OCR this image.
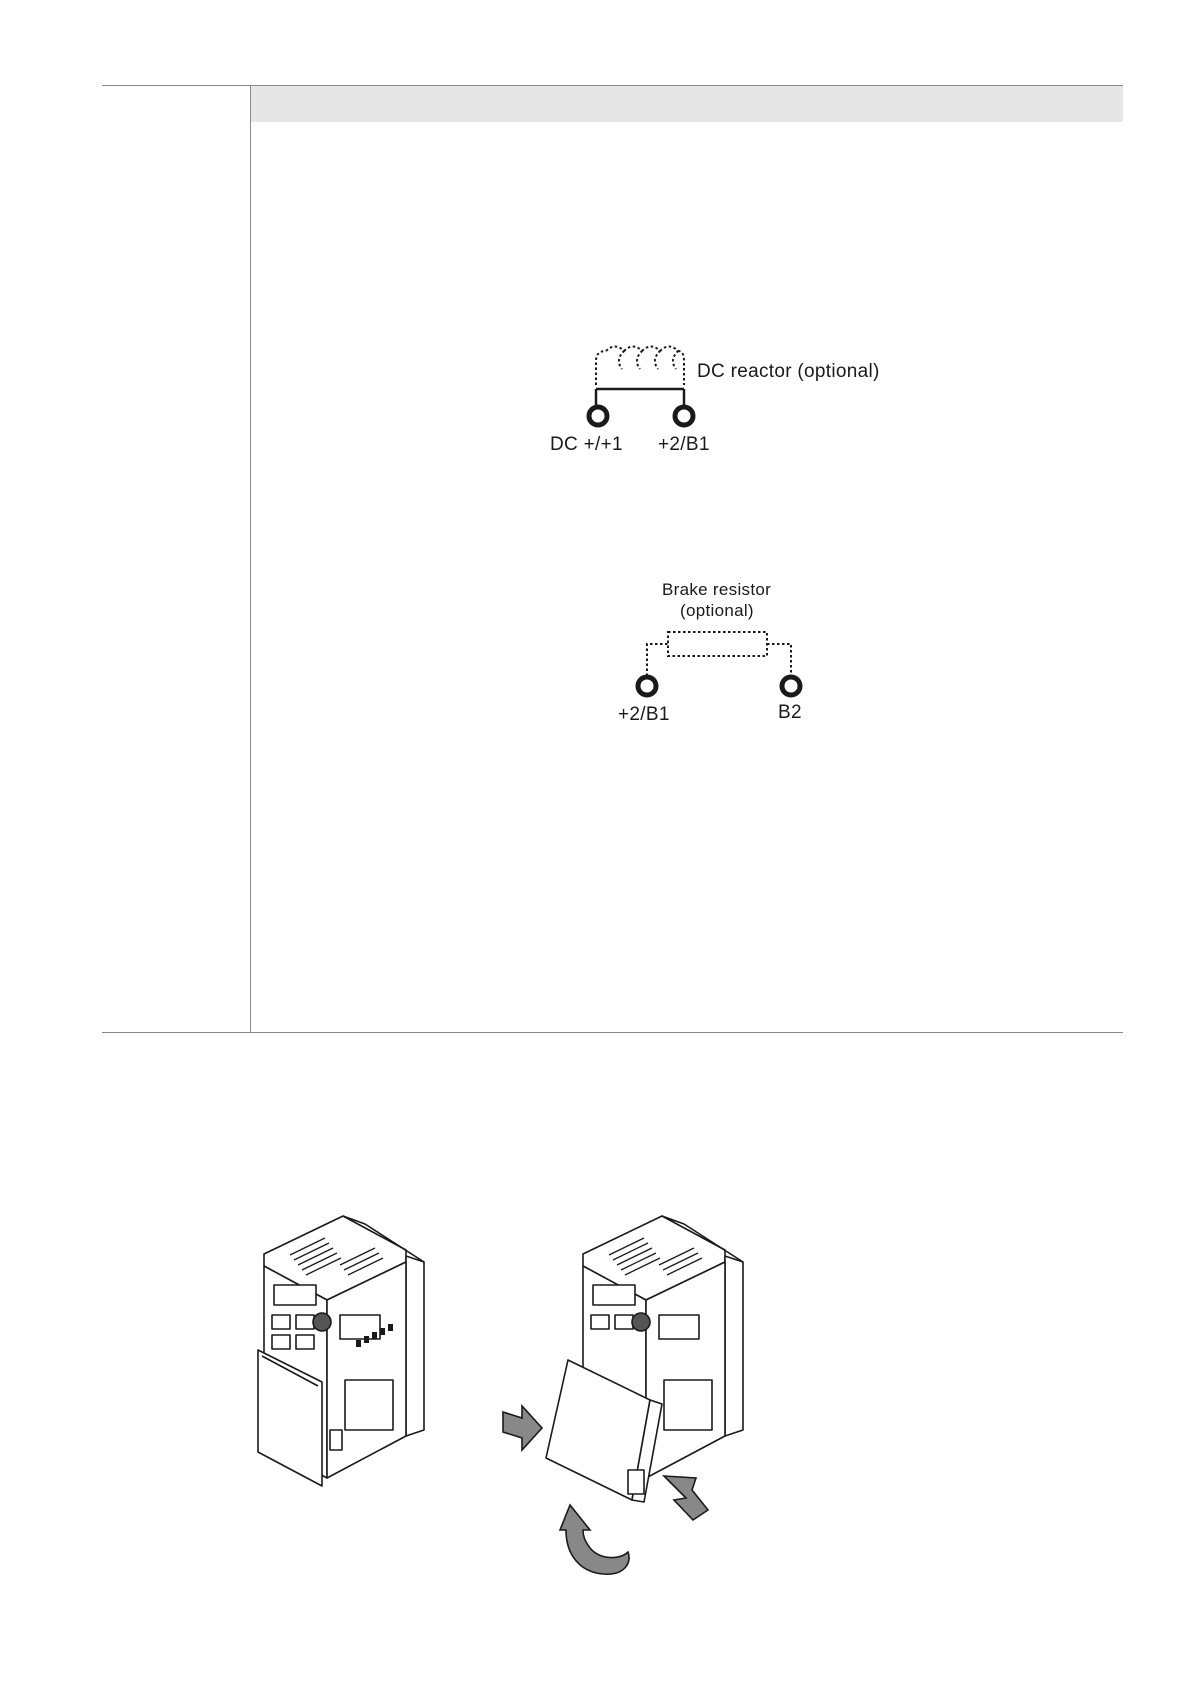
DC reactor (optional)
DC +/+1 +2/B1
Brake resistor
(optional)
+2/B1	B2
